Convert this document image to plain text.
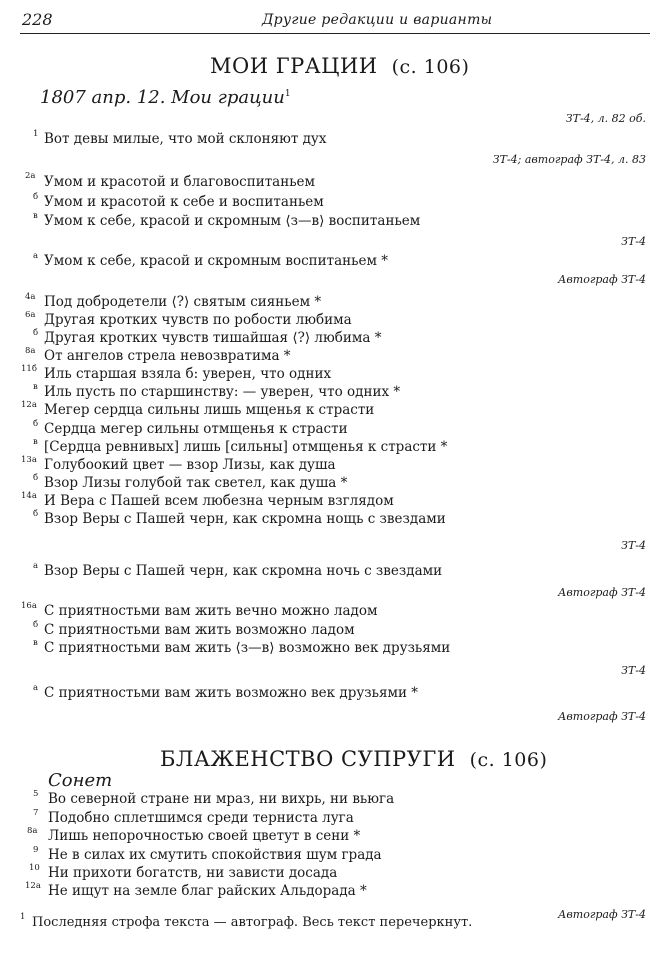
228	Другие редакции и варианты
МОИ ГРАЦИИ (с. 106)
1807 апр. 12. Мои грации$^1$
ЗТ-4, л. 82 об.
1 Вот девы милые, что мой склоняют дух
ЗТ-4; автограф ЗТ-4, л. 83
2а Умом и красотой и благовоспитаньем
б Умом и красотой к себе и воспитаньем
в Умом к себе, красой и скромным ⟨з—в⟩ воспитаньем
ЗТ-4
а Умом к себе, красой и скромным воспитаньем *
Автограф ЗТ-4
4а Под добродетели ⟨?⟩ святым сияньем *
6а Другая кротких чувств по робости любима
б Другая кротких чувств тишайшая ⟨?⟩ любима *
8а От ангелов стрела невозвратима *
11б Иль старшая взяла б: уверен, что одних
в Иль пусть по старшинству: — уверен, что одних *
12а Мегер сердца сильны лишь мщенья к страсти
б Сердца мегер сильны отмщенья к страсти
в [Сердца ревнивых] лишь [сильны] отмщенья к страсти *
13а Голубоокий цвет — взор Лизы, как душа
б Взор Лизы голубой так светел, как душа *
14а И Вера с Пашей всем любезна черным взглядом
б Взор Веры с Пашей черн, как скромна нощь с звездами
ЗТ-4
а Взор Веры с Пашей черн, как скромна ночь с звездами
Автограф ЗТ-4
16а С приятностьми вам жить вечно можно ладом
б С приятностьми вам жить возможно ладом
в С приятностьми вам жить ⟨з—в⟩ возможно век друзьями
ЗТ-4
а С приятностьми вам жить возможно век друзьями *
Автограф ЗТ-4
БЛАЖЕНСТВО СУПРУГИ (с. 106)
Сонет
5 Во северной стране ни мраз, ни вихрь, ни вьюга
7 Подобно сплетшимся среди терниста луга
8а Лишь непорочностью своей цветут в сени *
9 Не в силах их смутить спокойствия шум града
10 Ни прихоти богатств, ни зависти досада
12а Не ищут на земле благ райских Альдорада *
Автограф ЗТ-4
1 Последняя строфа текста — автограф. Весь текст перечеркнут.
